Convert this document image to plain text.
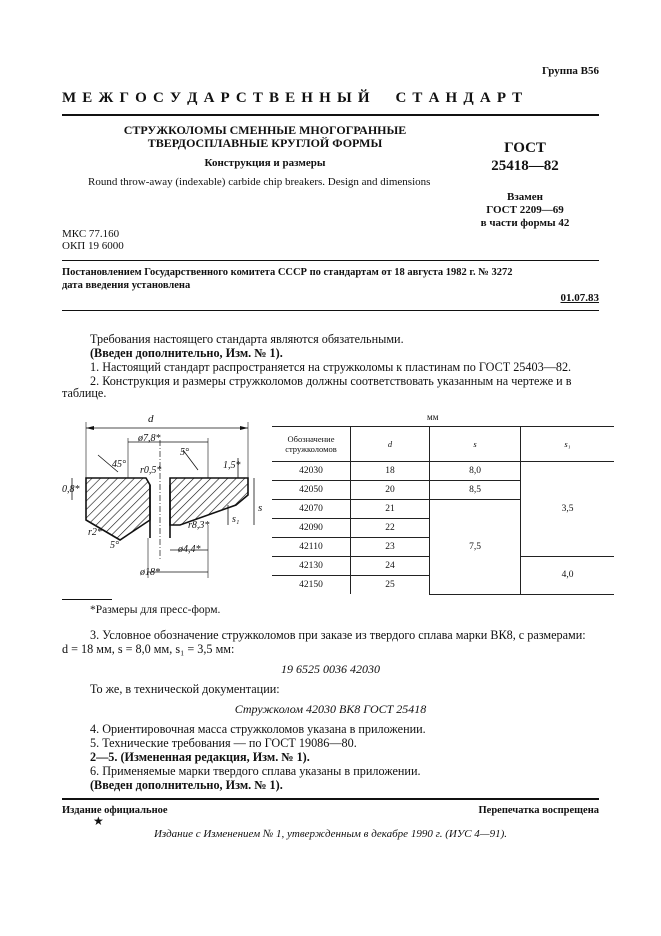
Группа В56
М Е Ж Г О С У Д А Р С Т В Е Н Н Ы Й     С Т А Н Д А Р Т
СТРУЖКОЛОМЫ СМЕННЫЕ МНОГОГРАННЫЕ
ТВЕРДОСПЛАВНЫЕ КРУГЛОЙ ФОРМЫ
Конструкция и размеры
Round throw-away (indexable) carbide chip breakers. Design and dimensions
ГОСТ
25418—82
Взамен
ГОСТ 2209—69
в части формы 42
МКС 77.160
ОКП 19 6000
Постановлением Государственного комитета СССР по стандартам от 18 августа 1982 г. № 3272
дата введения установлена
01.07.83
Требования настоящего стандарта являются обязательными.
(Введен дополнительно, Изм. № 1).
1. Настоящий стандарт распространяется на стружколомы к пластинам по ГОСТ 25403—82.
2. Конструкция и размеры стружколомов должны соответствовать указанным на чертеже и в
таблице.
d
ø7,8*
r0,5*
5°
45°	1,5*
0,8*
r2*
5°
r8,3*
s₁
s
ø4,4*
ø18*
мм
Обозначение стружколомов	d	s	s₁
42030	18	8,0	3,5
42050	20	8,5	
42070	21	7,5	
42090	22		
42110	23		
42130	24		4,0
42150	25		
*Размеры для пресс-форм.
3. Условное обозначение стружколомов при заказе из твердого сплава марки ВК8, с размерами:
d = 18 мм, s = 8,0 мм, s₁ = 3,5 мм:
19 6525 0036 42030
То же, в технической документации:
Стружколом 42030 ВК8 ГОСТ 25418
4. Ориентировочная масса стружколомов указана в приложении.
5. Технические требования — по ГОСТ 19086—80.
2—5. (Измененная редакция, Изм. № 1).
6. Применяемые марки твердого сплава указаны в приложении.
(Введен дополнительно, Изм. № 1).
Издание официальное	Перепечатка воспрещена
★
Издание с Изменением № 1, утвержденным в декабре 1990 г. (ИУС 4—91).
